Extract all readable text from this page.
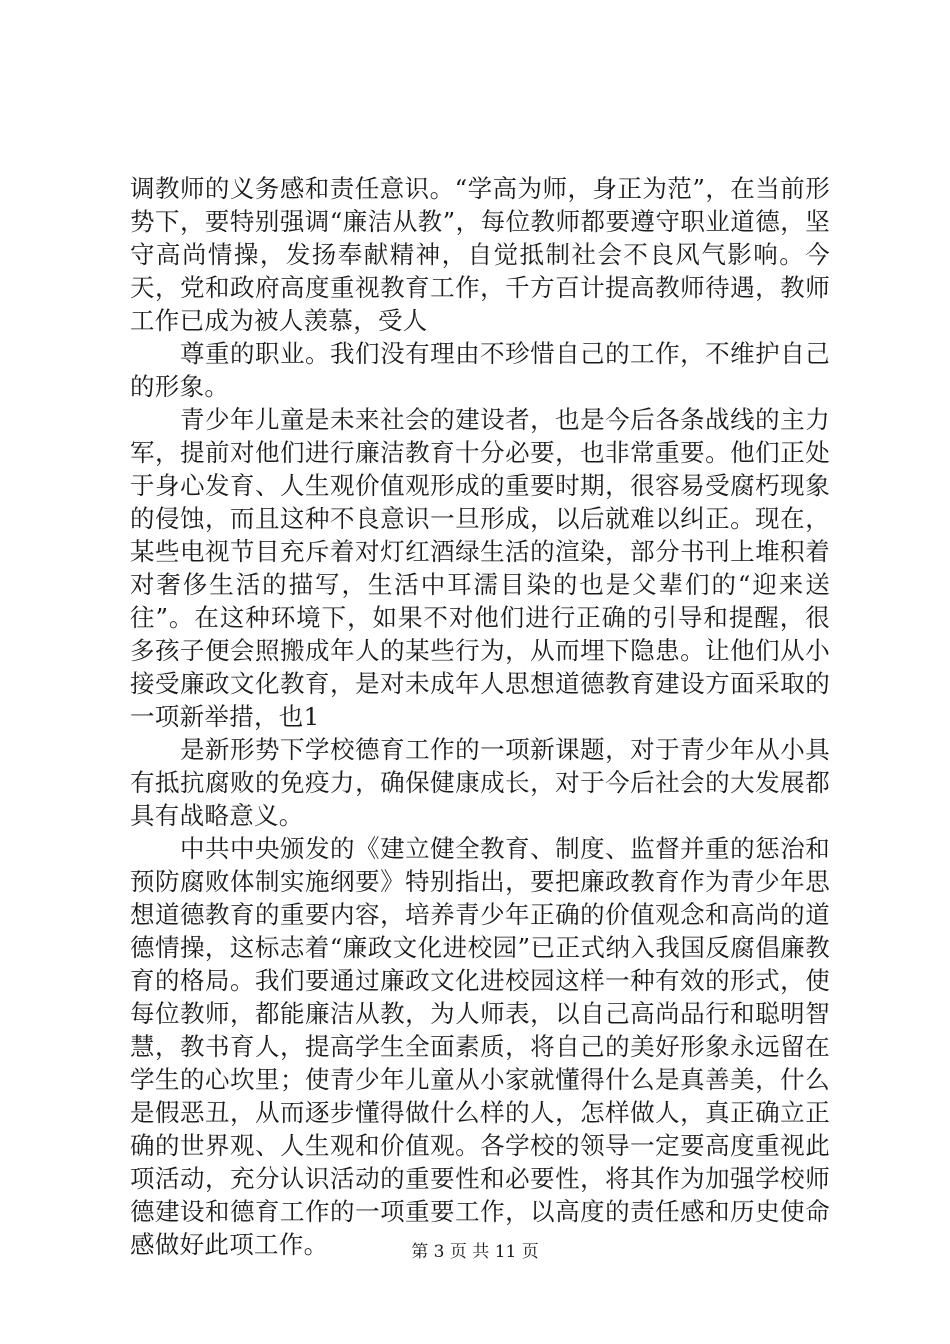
调教师的义务感和责任意识。“学高为师，身正为范”，在当前形势下，要特别强调“廉洁从教”，每位教师都要遵守职业道德，坚守高尚情操，发扬奉献精神，自觉抵制社会不良风气影响。今天，党和政府高度重视教育工作，千方百计提高教师待遇，教师工作已成为被人羡慕，受人

尊重的职业。我们没有理由不珍惜自己的工作，不维护自己的形象。

青少年儿童是未来社会的建设者，也是今后各条战线的主力军，提前对他们进行廉洁教育十分必要，也非常重要。他们正处于身心发育、人生观价值观形成的重要时期，很容易受腐朽现象的侵蚀，而且这种不良意识一旦形成，以后就难以纠正。现在，某些电视节目充斥着对灯红酒绿生活的渲染，部分书刊上堆积着对奢侈生活的描写，生活中耳濡目染的也是父辈们的“迎来送往”。在这种环境下，如果不对他们进行正确的引导和提醒，很多孩子便会照搬成年人的某些行为，从而埋下隐患。让他们从小接受廉政文化教育，是对未成年人思想道德教育建设方面采取的一项新举措，也1

是新形势下学校德育工作的一项新课题，对于青少年从小具有抵抗腐败的免疫力，确保健康成长，对于今后社会的大发展都具有战略意义。

中共中央颁发的《建立健全教育、制度、监督并重的惩治和预防腐败体制实施纲要》特别指出，要把廉政教育作为青少年思想道德教育的重要内容，培养青少年正确的价值观念和高尚的道德情操，这标志着“廉政文化进校园”已正式纳入我国反腐倡廉教育的格局。我们要通过廉政文化进校园这样一种有效的形式，使每位教师，都能廉洁从教，为人师表，以自己高尚品行和聪明智慧，教书育人，提高学生全面素质，将自己的美好形象永远留在学生的心坎里；使青少年儿童从小家就懂得什么是真善美，什么是假恶丑，从而逐步懂得做什么样的人，怎样做人，真正确立正确的世界观、人生观和价值观。各学校的领导一定要高度重视此项活动，充分认识活动的重要性和必要性，将其作为加强学校师德建设和德育工作的一项重要工作，以高度的责任感和历史使命感做好此项工作。	第 3 页 共 11 页
